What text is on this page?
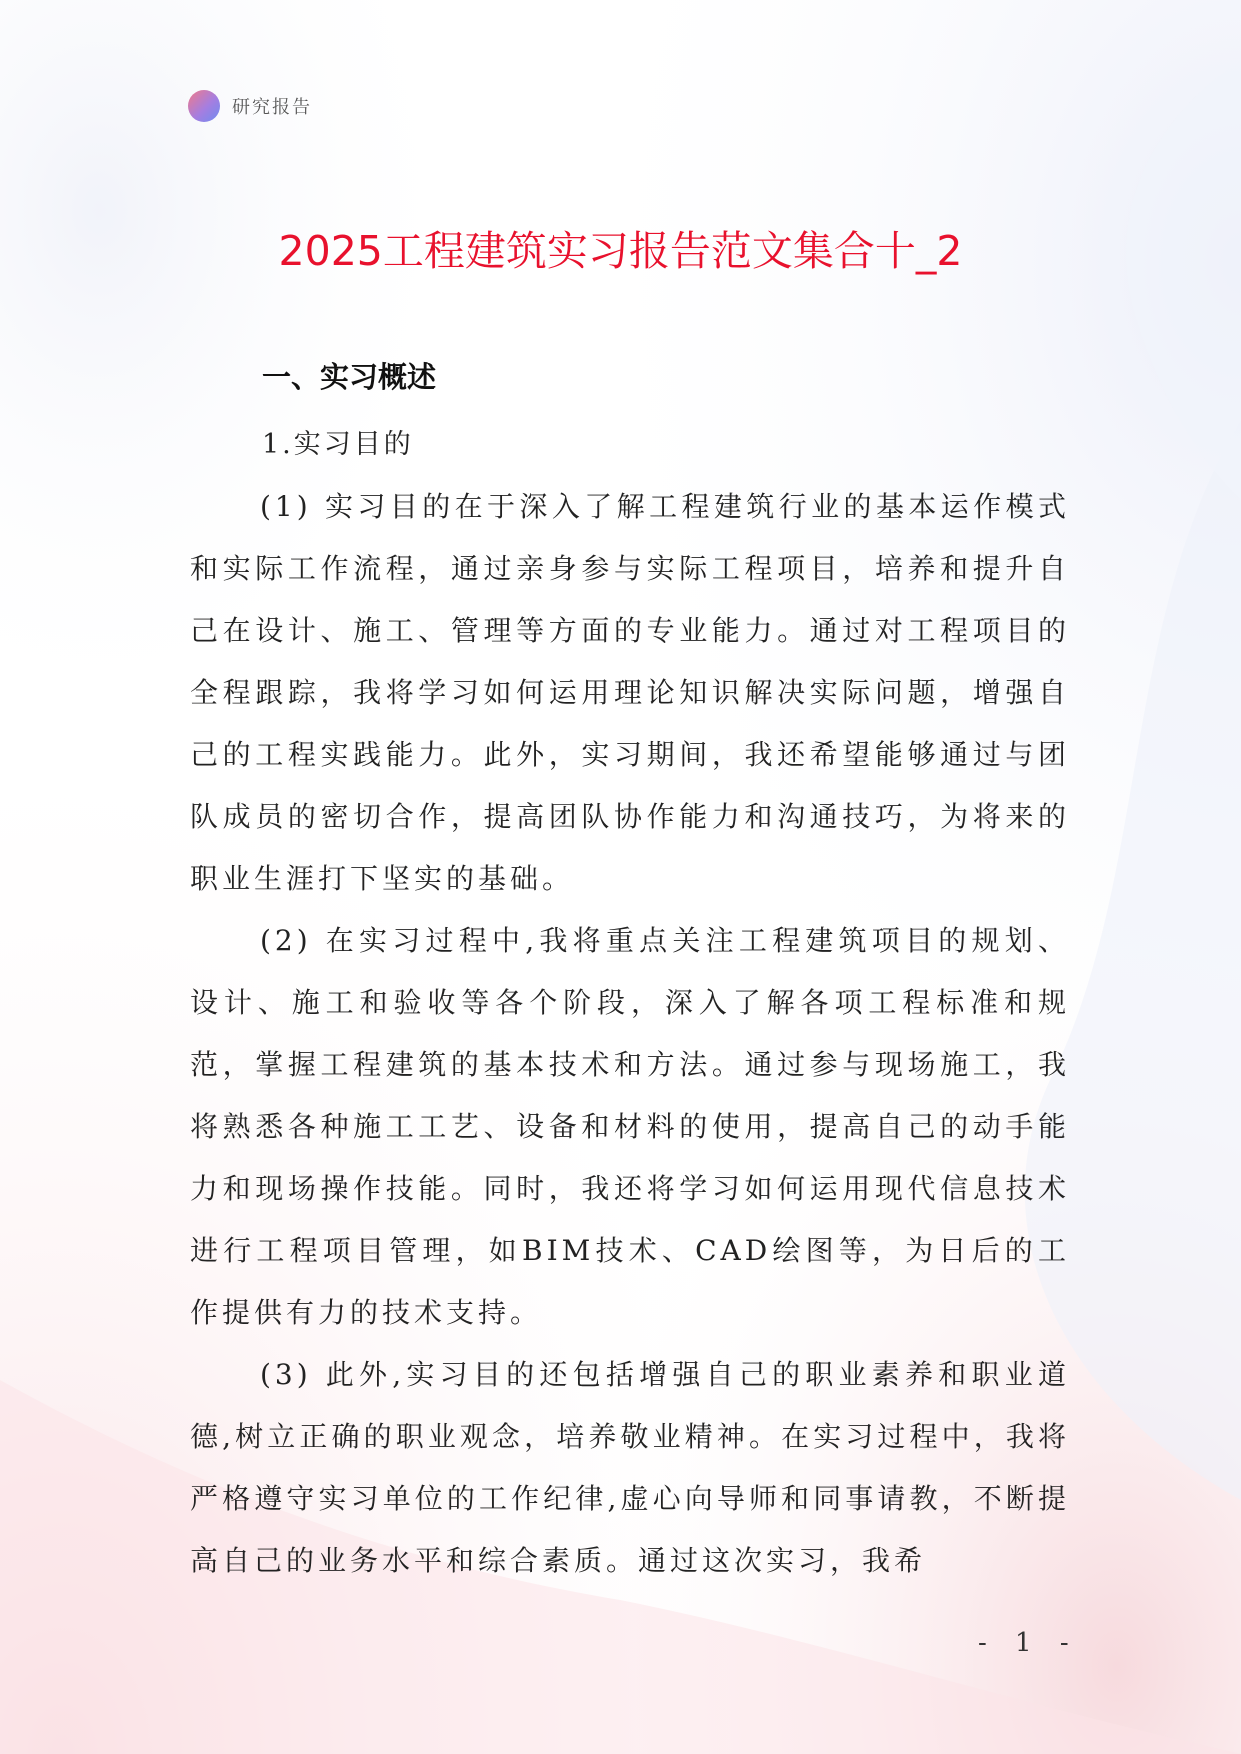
研究报告
2025工程建筑实习报告范文集合十_2
一、实习概述
1.实习目的

(1) 实习目的在于深入了解工程建筑行业的基本运作模式和实际工作流程，通过亲身参与实际工程项目，培养和提升自己在设计、施工、管理等方面的专业能力。通过对工程项目的全程跟踪，我将学习如何运用理论知识解决实际问题，增强自己的工程实践能力。此外，实习期间，我还希望能够通过与团队成员的密切合作，提高团队协作能力和沟通技巧，为将来的职业生涯打下坚实的基础。

(2) 在实习过程中,我将重点关注工程建筑项目的规划、设计、施工和验收等各个阶段，深入了解各项工程标准和规范，掌握工程建筑的基本技术和方法。通过参与现场施工，我将熟悉各种施工工艺、设备和材料的使用，提高自己的动手能力和现场操作技能。同时，我还将学习如何运用现代信息技术进行工程项目管理，如BIM技术、CAD绘图等，为日后的工作提供有力的技术支持。

(3) 此外,实习目的还包括增强自己的职业素养和职业道德,树立正确的职业观念，培养敬业精神。在实习过程中，我将严格遵守实习单位的工作纪律,虚心向导师和同事请教，不断提高自己的业务水平和综合素质。通过这次实习，我希

- 1 -
